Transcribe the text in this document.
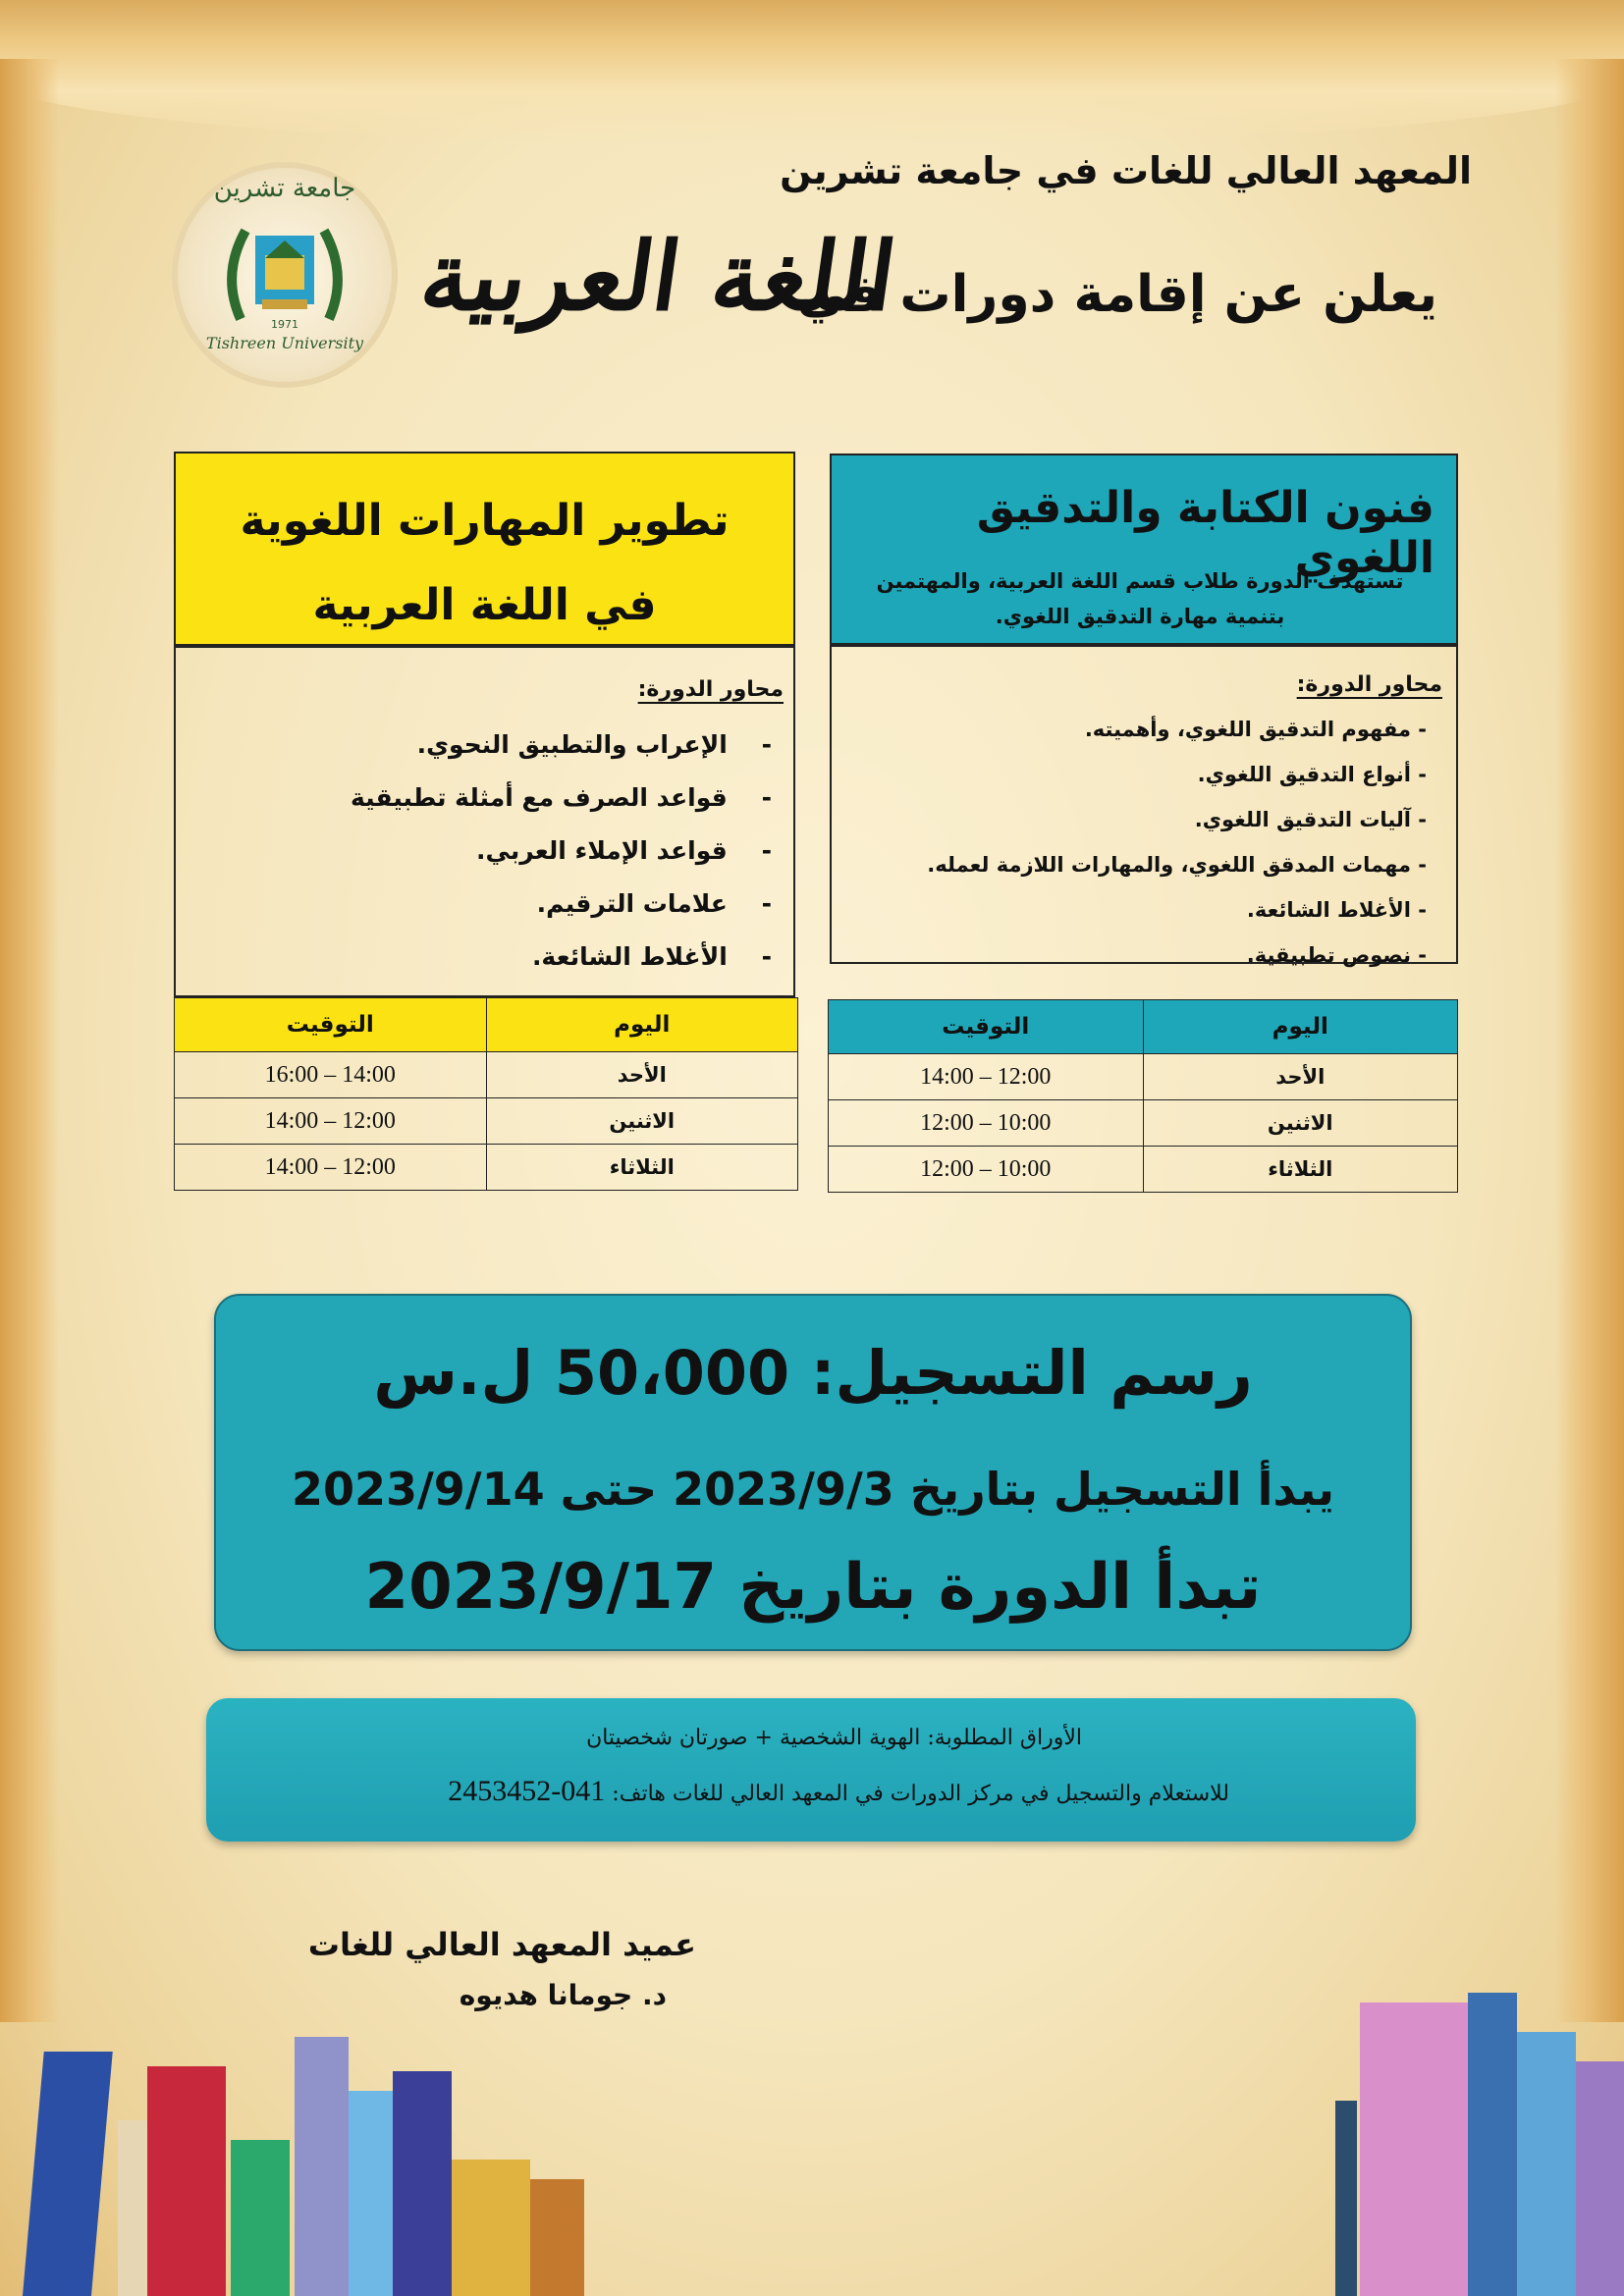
جامعة تشرين
1971
Tishreen University
المعهد العالي للغات في جامعة تشرين
يعلن عن إقامة دورات في
اللغة العربية
فنون الكتابة والتدقيق اللغوي
تستهدف الدورة طلاب قسم اللغة العربية، والمهتمين بتنمية مهارة التدقيق اللغوي.
محاور الدورة:
- مفهوم التدقيق اللغوي، وأهميته.
- أنواع التدقيق اللغوي.
- آليات التدقيق اللغوي.
- مهمات المدقق اللغوي، والمهارات اللازمة لعمله.
- الأغلاط الشائعة.
- نصوص تطبيقية.
اليوم	التوقيت
الأحد	12:00 – 14:00
الاثنين	10:00 – 12:00
الثلاثاء	10:00 – 12:00
تطوير المهارات اللغوية
في اللغة العربية
محاور الدورة:
-    الإعراب والتطبيق النحوي.
-    قواعد الصرف مع أمثلة تطبيقية
-    قواعد الإملاء العربي.
-    علامات الترقيم.
-    الأغلاط الشائعة.
اليوم	التوقيت
الأحد	14:00 – 16:00
الاثنين	12:00 – 14:00
الثلاثاء	12:00 – 14:00
رسم التسجيل: 50،000 ل.س
يبدأ التسجيل بتاريخ 2023/9/3 حتى 2023/9/14
تبدأ الدورة بتاريخ 2023/9/17
الأوراق المطلوبة: الهوية الشخصية + صورتان شخصيتان
للاستعلام والتسجيل في مركز الدورات في المعهد العالي للغات هاتف: 041-2453452
عميد المعهد العالي للغات
د. جومانا هديوه
